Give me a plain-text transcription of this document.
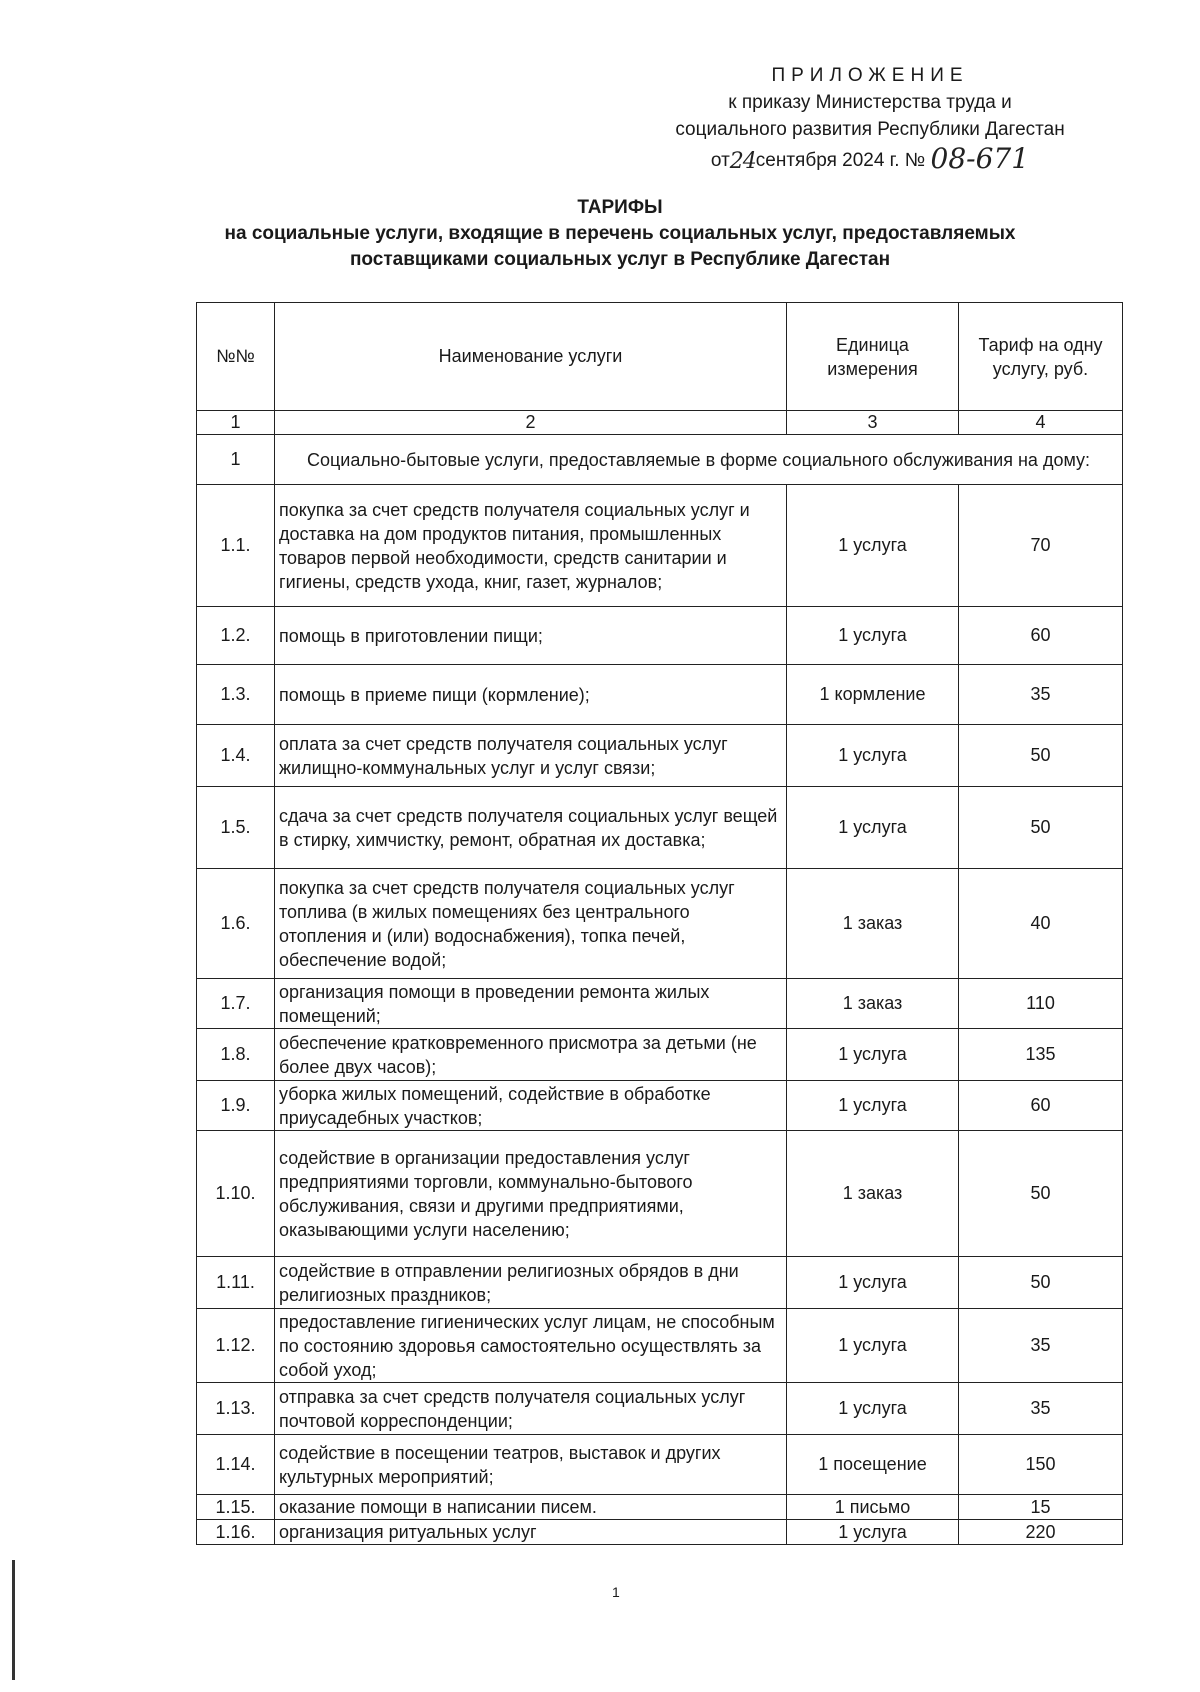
ПРИЛОЖЕНИЕ
к приказу Министерства труда и
социального развития Республики Дагестан
от24сентября 2024 г. № 08-671
ТАРИФЫ
на социальные услуги, входящие в перечень социальных услуг, предоставляемых
поставщиками социальных услуг в Республике Дагестан
№№	Наименование услуги	Единица измерения	Тариф на одну услугу, руб.
1	2	3	4
1	Социально-бытовые услуги, предоставляемые в форме социального обслуживания на дому:		
1.1.	покупка за счет средств получателя социальных услуг и доставка на дом продуктов питания, промышленных товаров первой необходимости, средств санитарии и гигиены, средств ухода, книг, газет, журналов;	1 услуга	70
1.2.	помощь в приготовлении пищи;	1 услуга	60
1.3.	помощь в приеме пищи (кормление);	1 кормление	35
1.4.	оплата за счет средств получателя социальных услуг жилищно-коммунальных услуг и услуг связи;	1 услуга	50
1.5.	сдача за счет средств получателя социальных услуг вещей в стирку, химчистку, ремонт, обратная их доставка;	1 услуга	50
1.6.	покупка за счет средств получателя социальных услуг топлива (в жилых помещениях без центрального отопления и (или) водоснабжения), топка печей, обеспечение водой;	1 заказ	40
1.7.	организация помощи в проведении ремонта жилых помещений;	1 заказ	110
1.8.	обеспечение кратковременного присмотра за детьми (не более двух часов);	1 услуга	135
1.9.	уборка жилых помещений, содействие в обработке приусадебных участков;	1 услуга	60
1.10.	содействие в организации предоставления услуг предприятиями торговли, коммунально-бытового обслуживания, связи и другими предприятиями, оказывающими услуги населению;	1 заказ	50
1.11.	содействие в отправлении религиозных обрядов в дни религиозных праздников;	1 услуга	50
1.12.	предоставление гигиенических услуг лицам, не способным по состоянию здоровья самостоятельно осуществлять за собой уход;	1 услуга	35
1.13.	отправка за счет средств получателя социальных услуг почтовой корреспонденции;	1 услуга	35
1.14.	содействие в посещении театров, выставок и других культурных мероприятий;	1 посещение	150
1.15.	оказание помощи в написании писем.	1 письмо	15
1.16.	организация ритуальных услуг	1 услуга	220
1
